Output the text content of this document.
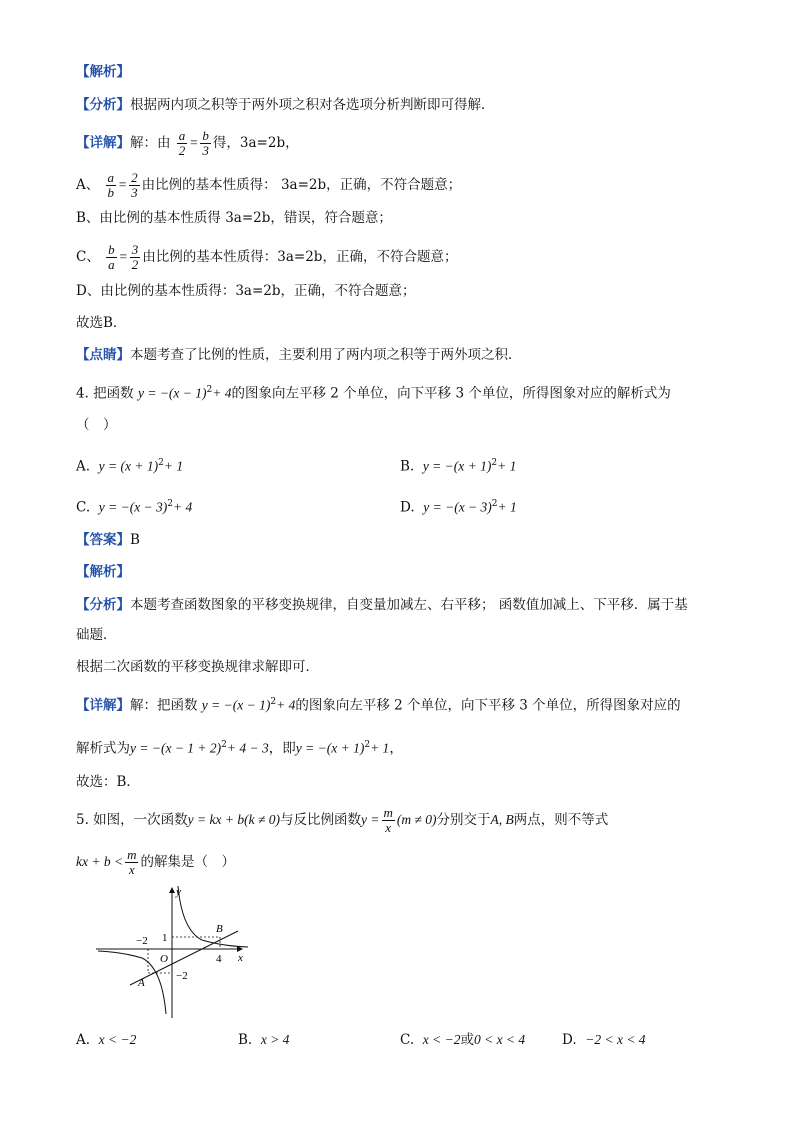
【解析】
【分析】根据两内项之积等于两外项之积对各选项分析判断即可得解．
【详解】解：由 $\frac{a}{2} = \frac{b}{3}$ 得，3a=2b，
A、 $\frac{a}{b} = \frac{2}{3}$ 由比例的基本性质得： 3a=2b，正确，不符合题意；
B、由比例的基本性质得 3a=2b，错误，符合题意；
C、 $\frac{b}{a} = \frac{3}{2}$ 由比例的基本性质得：3a=2b，正确，不符合题意；
D、由比例的基本性质得：3a=2b，正确，不符合题意；
故选B．
【点睛】本题考查了比例的性质，主要利用了两内项之积等于两外项之积．
4. 把函数 $y = -(x - 1)^2+ 4$的图象向左平移 2 个单位，向下平移 3 个单位，所得图象对应的解析式为
（　）
A. $y = (x + 1)^2+ 1$	B. $y = -(x + 1)^2+ 1$
C. $y = -(x - 3)^2+ 4$	D. $y = -(x - 3)^2+ 1$
【答案】B
【解析】
【分析】本题考查函数图象的平移变换规律，自变量加减左、右平移； 函数值加减上、下平移．属于基
础题．
根据二次函数的平移变换规律求解即可．
【详解】解：把函数 $y = -(x - 1)^2+ 4$的图象向左平移 2 个单位，向下平移 3 个单位，所得图象对应的
解析式为$y = -(x - 1 + 2)^2+ 4 - 3$，即$y = -(x + 1)^2+ 1$，
故选：B．
5. 如图，一次函数y = kx + b(k ≠ 0)与反比例函数$y = \frac{m}{x} (m \ne 0)$分别交于A, B两点，则不等式
kx + $b < \frac{m}{x}$ 的解集是（　）
y
x
O
1
4
−2
−2
A
B
A. x < −2	B. x > 4	C. x < −2或0 < x < 4	D. −2 < x < 4
